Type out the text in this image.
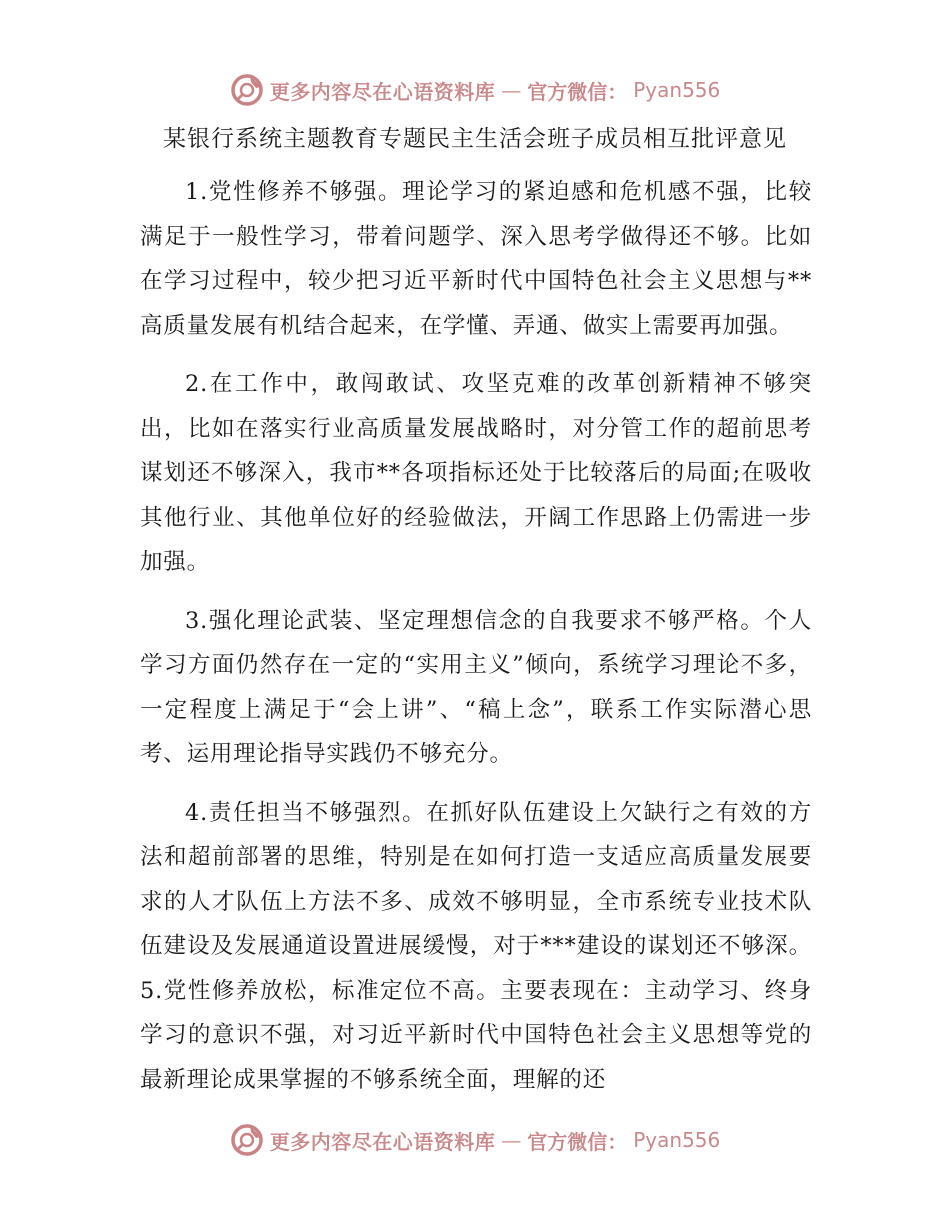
更多内容尽在心语资料库 — 官方微信： Pyan556
某银行系统主题教育专题民主生活会班子成员相互批评意见

1.党性修养不够强。理论学习的紧迫感和危机感不强，比较满足于一般性学习，带着问题学、深入思考学做得还不够。比如在学习过程中，较少把习近平新时代中国特色社会主义思想与**高质量发展有机结合起来，在学懂、弄通、做实上需要再加强。

2.在工作中，敢闯敢试、攻坚克难的改革创新精神不够突出，比如在落实行业高质量发展战略时，对分管工作的超前思考谋划还不够深入，我市**各项指标还处于比较落后的局面;在吸收其他行业、其他单位好的经验做法，开阔工作思路上仍需进一步加强。

3.强化理论武装、坚定理想信念的自我要求不够严格。个人学习方面仍然存在一定的“实用主义”倾向，系统学习理论不多，一定程度上满足于“会上讲”、“稿上念”，联系工作实际潜心思考、运用理论指导实践仍不够充分。

4.责任担当不够强烈。在抓好队伍建设上欠缺行之有效的方法和超前部署的思维，特别是在如何打造一支适应高质量发展要求的人才队伍上方法不多、成效不够明显，全市系统专业技术队伍建设及发展通道设置进展缓慢，对于***建设的谋划还不够深。5.党性修养放松，标准定位不高。主要表现在：主动学习、终身学习的意识不强，对习近平新时代中国特色社会主义思想等党的最新理论成果掌握的不够系统全面，理解的还

更多内容尽在心语资料库 — 官方微信： Pyan556
